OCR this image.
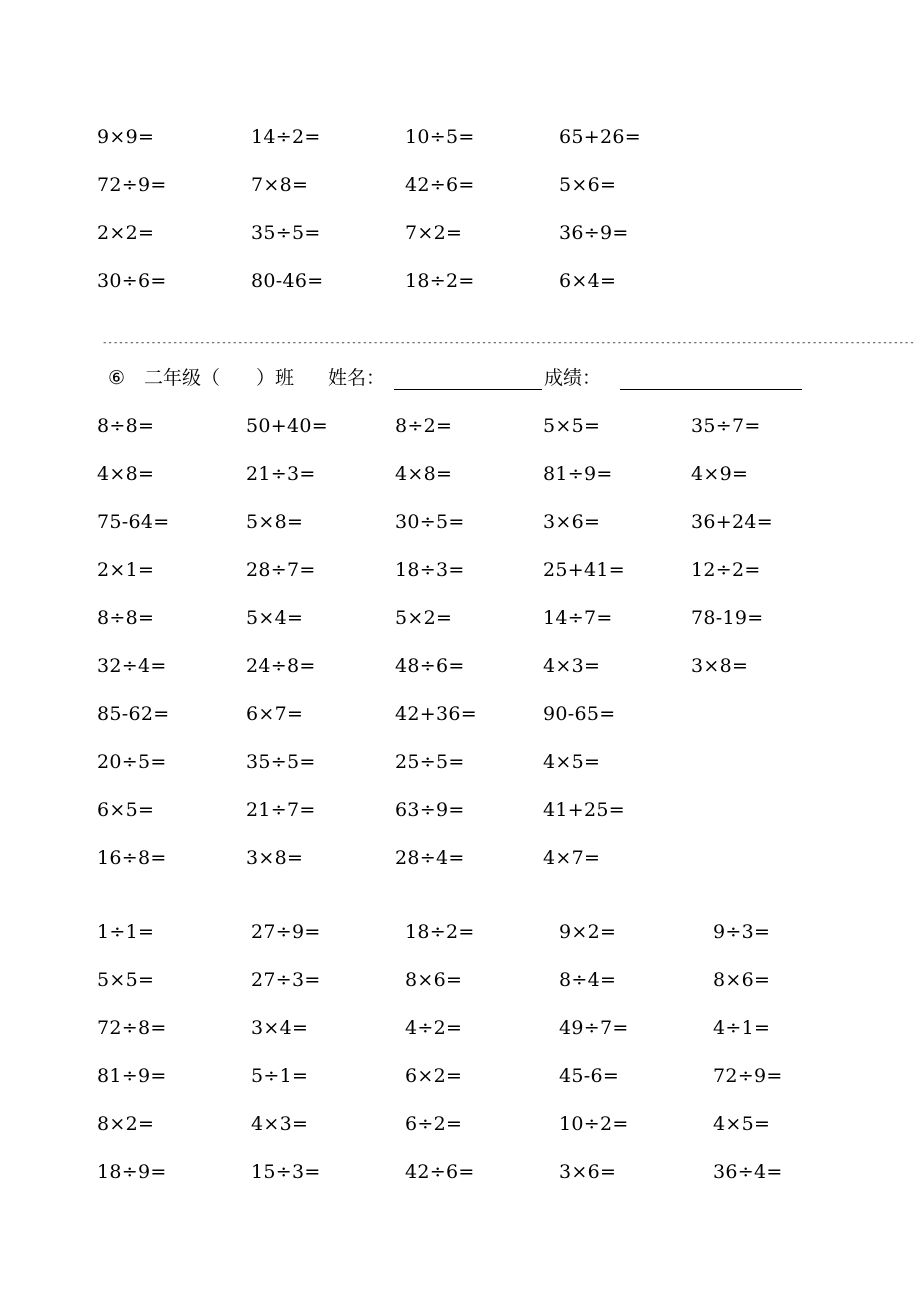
9×9=	14÷2=	10÷5=	65+26=
72÷9=	7×8=	42÷6=	5×6=
2×2=	35÷5=	7×2=	36÷9=
30÷6=	80-46=	18÷2=	6×4=
------------------------------------------------------------------------------------------------------------------------------------------------------
⑥ 二年级（ ）班 姓名：	成绩：
8÷8=	50+40=	8÷2=	5×5=	35÷7=
4×8=	21÷3=	4×8=	81÷9=	4×9=
75-64=	5×8=	30÷5=	3×6=	36+24=
2×1=	28÷7=	18÷3=	25+41=	12÷2=
8÷8=	5×4=	5×2=	14÷7=	78-19=
32÷4=	24÷8=	48÷6=	4×3=	3×8=
85-62=	6×7=	42+36=	90-65=
20÷5=	35÷5=	25÷5=	4×5=
6×5=	21÷7=	63÷9=	41+25=
16÷8=	3×8=	28÷4=	4×7=
1÷1=	27÷9=	18÷2=	9×2=	9÷3=
5×5=	27÷3=	8×6=	8÷4=	8×6=
72÷8=	3×4=	4÷2=	49÷7=	4÷1=
81÷9=	5÷1=	6×2=	45-6=	72÷9=
8×2=	4×3=	6÷2=	10÷2=	4×5=
18÷9=	15÷3=	42÷6=	3×6=	36÷4=
